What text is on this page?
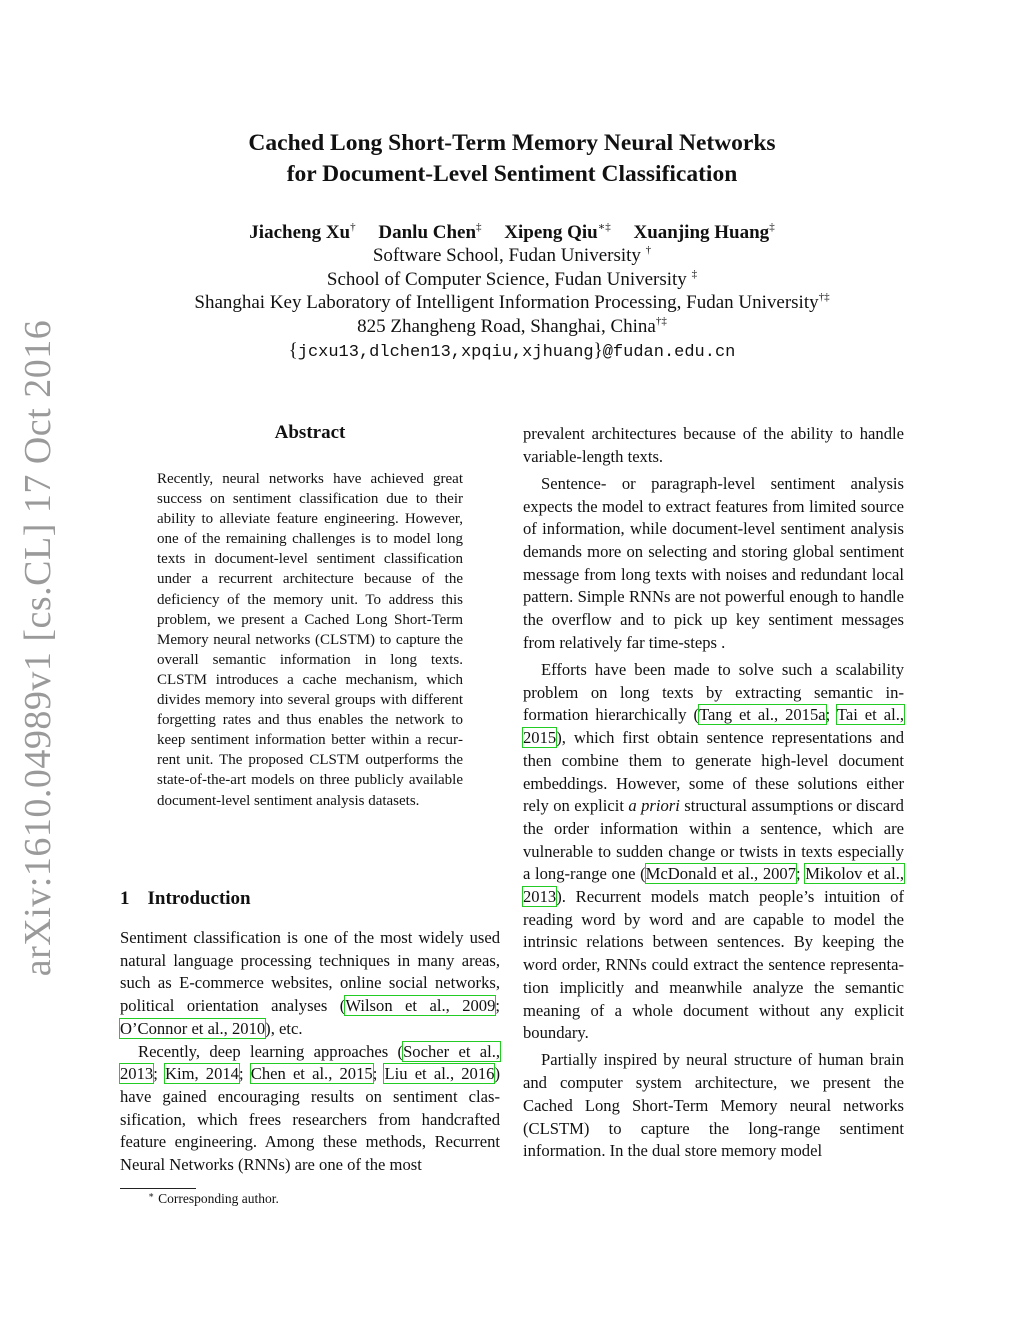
arXiv:1610.04989v1 [cs.CL] 17 Oct 2016
Cached Long Short-Term Memory Neural Networks
for Document-Level Sentiment Classification
Jiacheng Xu† Danlu Chen‡ Xipeng Qiu∗‡ Xuanjing Huang‡
Software School, Fudan University †
School of Computer Science, Fudan University ‡
Shanghai Key Laboratory of Intelligent Information Processing, Fudan University†‡
825 Zhangheng Road, Shanghai, China†‡
{jcxu13,dlchen13,xpqiu,xjhuang}@fudan.edu.cn
Abstract
Recently, neural networks have achieved great success on sentiment classification due to their ability to alleviate feature engineering. However, one of the remaining challenges is to model long texts in document-level sentiment classification under a recurrent architecture because of the deficiency of the memory unit. To address this problem, we present a Cached Long Short-Term Memory neural networks (CLSTM) to capture the overall semantic information in long texts. CLSTM introduces a cache mechanism, which divides memory into several groups with different forgetting rates and thus enables the network to keep sentiment information better within a recurrent unit. The proposed CLSTM outperforms the state-of-the-art models on three publicly available document-level sentiment analysis datasets.
1 Introduction

Sentiment classification is one of the most widely used natural language processing techniques in many areas, such as E-commerce websites, online social networks, political orientation analyses (Wilson et al., 2009; O’Connor et al., 2010), etc.

Recently, deep learning approaches (Socher et al., 2013; Kim, 2014; Chen et al., 2015; Liu et al., 2016) have gained encouraging results on sentiment classification, which frees researchers from handcrafted feature engineering. Among these methods, Recurrent Neural Networks (RNNs) are one of the most

prevalent architectures because of the ability to handle variable-length texts.

Sentence- or paragraph-level sentiment analysis expects the model to extract features from limited source of information, while document-level sentiment analysis demands more on selecting and storing global sentiment message from long texts with noises and redundant local pattern. Simple RNNs are not powerful enough to handle the overflow and to pick up key sentiment messages from relatively far time-steps .

Efforts have been made to solve such a scalability problem on long texts by extracting semantic information hierarchically (Tang et al., 2015a; Tai et al., 2015), which first obtain sentence representations and then combine them to generate high-level document embeddings. However, some of these solutions either rely on explicit a priori structural assumptions or discard the order information within a sentence, which are vulnerable to sudden change or twists in texts especially a long-range one (McDonald et al., 2007; Mikolov et al., 2013). Recurrent models match people’s intuition of reading word by word and are capable to model the intrinsic relations between sentences. By keeping the word order, RNNs could extract the sentence representation implicitly and meanwhile analyze the semantic meaning of a whole document without any explicit boundary.

Partially inspired by neural structure of human brain and computer system architecture, we present the Cached Long Short-Term Memory neural networks (CLSTM) to capture the long-range sentiment information. In the dual store memory model

∗ Corresponding author.
